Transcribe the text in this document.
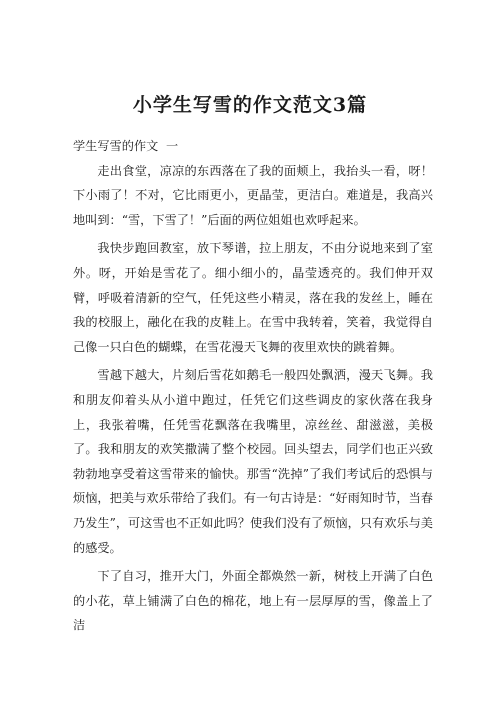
小学生写雪的作文范文3篇

学生写雪的作文  一

走出食堂，凉凉的东西落在了我的面颊上，我抬头一看，呀！下小雨了！不对，它比雨更小，更晶莹，更洁白。难道是，我高兴地叫到：“雪，下雪了！”后面的两位姐姐也欢呼起来。

我快步跑回教室，放下琴谱，拉上朋友，不由分说地来到了室外。呀，开始是雪花了。细小细小的，晶莹透亮的。我们伸开双臂，呼吸着清新的空气，任凭这些小精灵，落在我的发丝上，睡在我的校服上，融化在我的皮鞋上。在雪中我转着，笑着，我觉得自己像一只白色的蝴蝶，在雪花漫天飞舞的夜里欢快的跳着舞。

雪越下越大，片刻后雪花如鹅毛一般四处飘洒，漫天飞舞。我和朋友仰着头从小道中跑过，任凭它们这些调皮的家伙落在我身上，我张着嘴，任凭雪花飘落在我嘴里，凉丝丝、甜滋滋，美极了。我和朋友的欢笑撒满了整个校园。回头望去，同学们也正兴致勃勃地享受着这雪带来的愉快。那雪“洗掉”了我们考试后的恐惧与烦恼，把美与欢乐带给了我们。有一句古诗是：“好雨知时节，当春乃发生”，可这雪也不正如此吗？使我们没有了烦恼，只有欢乐与美的感受。

下了自习，推开大门，外面全都焕然一新，树枝上开满了白色的小花，草上铺满了白色的棉花，地上有一层厚厚的雪，像盖上了洁
